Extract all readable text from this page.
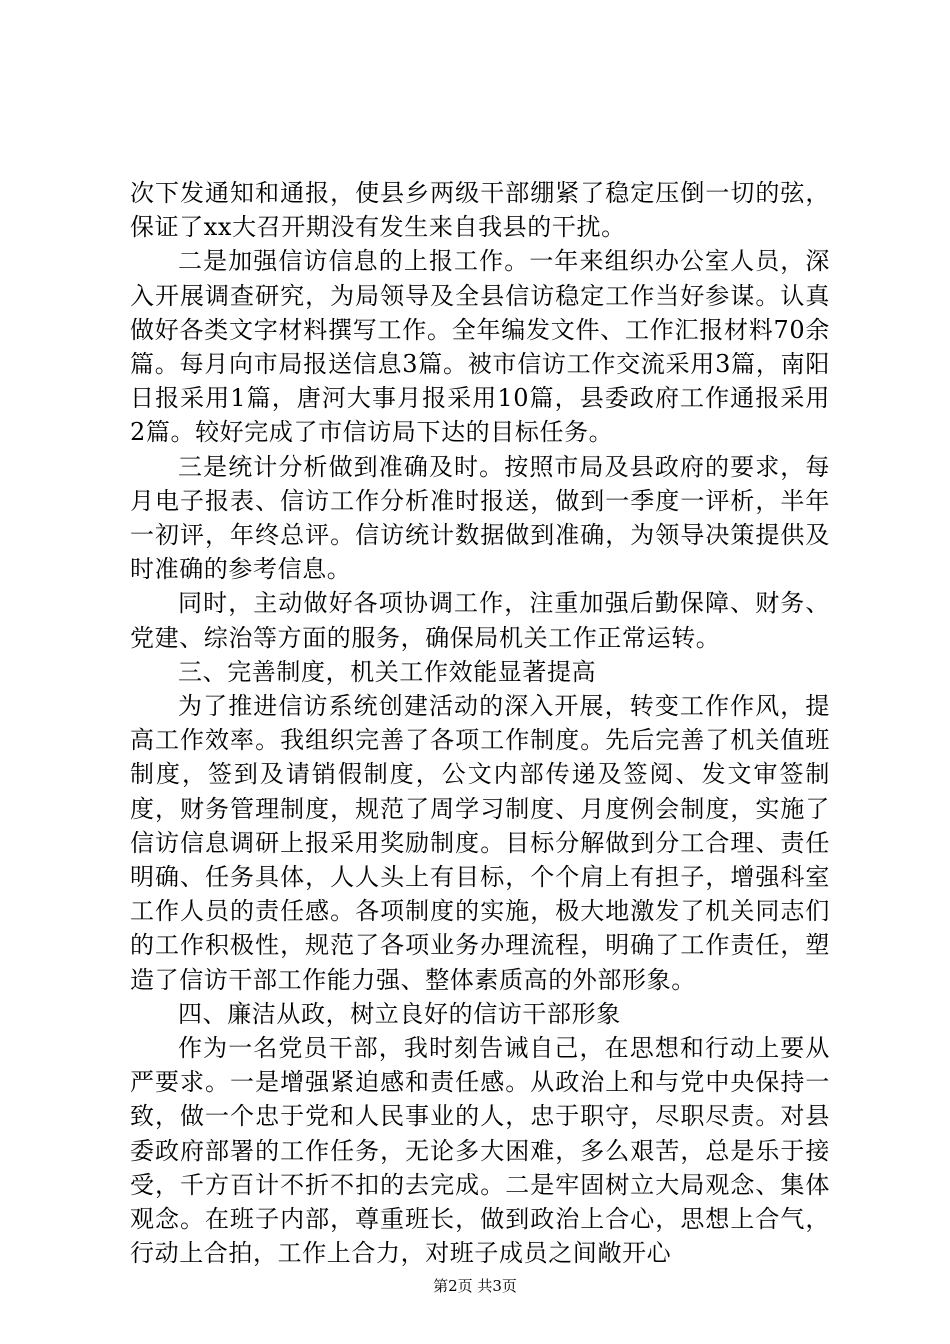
次下发通知和通报，使县乡两级干部绷紧了稳定压倒一切的弦，保证了xx大召开期没有发生来自我县的干扰。

二是加强信访信息的上报工作。一年来组织办公室人员，深入开展调查研究，为局领导及全县信访稳定工作当好参谋。认真做好各类文字材料撰写工作。全年编发文件、工作汇报材料70余篇。每月向市局报送信息3篇。被市信访工作交流采用3篇，南阳日报采用1篇，唐河大事月报采用10篇，县委政府工作通报采用2篇。较好完成了市信访局下达的目标任务。

三是统计分析做到准确及时。按照市局及县政府的要求，每月电子报表、信访工作分析准时报送，做到一季度一评析，半年一初评，年终总评。信访统计数据做到准确，为领导决策提供及时准确的参考信息。

同时，主动做好各项协调工作，注重加强后勤保障、财务、党建、综治等方面的服务，确保局机关工作正常运转。

三、完善制度，机关工作效能显著提高

为了推进信访系统创建活动的深入开展，转变工作作风，提高工作效率。我组织完善了各项工作制度。先后完善了机关值班制度，签到及请销假制度，公文内部传递及签阅、发文审签制度，财务管理制度，规范了周学习制度、月度例会制度，实施了信访信息调研上报采用奖励制度。目标分解做到分工合理、责任明确、任务具体，人人头上有目标，个个肩上有担子，增强科室工作人员的责任感。各项制度的实施，极大地激发了机关同志们的工作积极性，规范了各项业务办理流程，明确了工作责任，塑造了信访干部工作能力强、整体素质高的外部形象。

四、廉洁从政，树立良好的信访干部形象

作为一名党员干部，我时刻告诫自己，在思想和行动上要从严要求。一是增强紧迫感和责任感。从政治上和与党中央保持一致，做一个忠于党和人民事业的人，忠于职守，尽职尽责。对县委政府部署的工作任务，无论多大困难，多么艰苦，总是乐于接受，千方百计不折不扣的去完成。二是牢固树立大局观念、集体观念。在班子内部，尊重班长，做到政治上合心，思想上合气，行动上合拍，工作上合力，对班子成员之间敞开心

第2页 共3页
